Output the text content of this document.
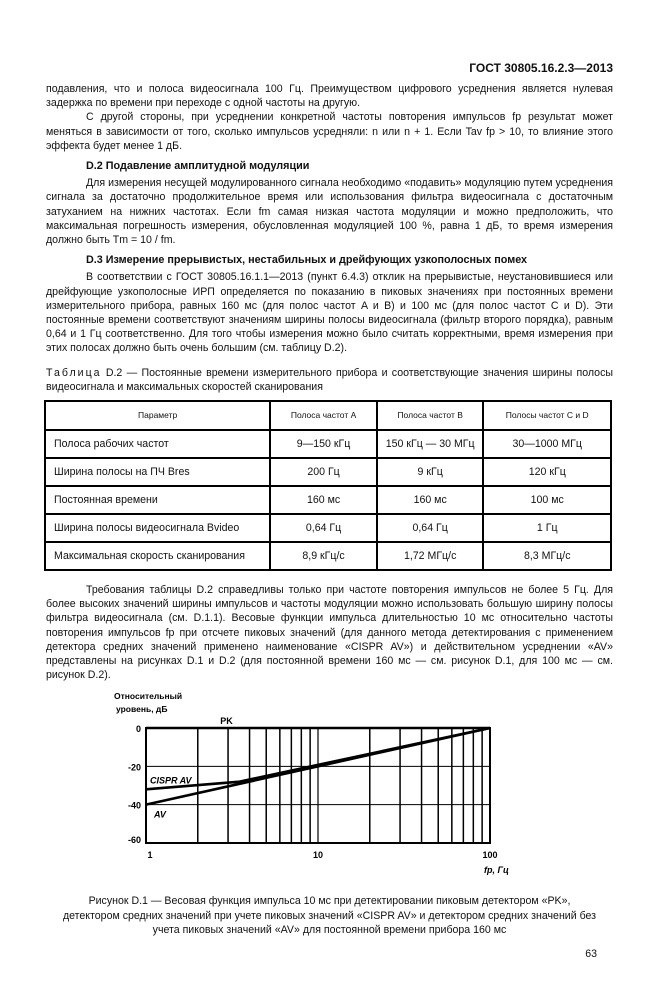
ГОСТ 30805.16.2.3—2013

подавления, что и полоса видеосигнала 100 Гц. Преимуществом цифрового усреднения является нулевая задержка по времени при переходе с одной частоты на другую.

С другой стороны, при усреднении конкретной частоты повторения импульсов fp результат может меняться в зависимости от того, сколько импульсов усредняли: n или n + 1. Если Tav fp > 10, то влияние этого эффекта будет менее 1 дБ.

D.2 Подавление амплитудной модуляции

Для измерения несущей модулированного сигнала необходимо «подавить» модуляцию путем усреднения сигнала за достаточно продолжительное время или использования фильтра видеосигнала с достаточным затуханием на нижних частотах. Если fm самая низкая частота модуляции и можно предположить, что максимальная погрешность измерения, обусловленная модуляцией 100 %, равна 1 дБ, то время измерения должно быть Tm = 10 / fm.

D.3 Измерение прерывистых, нестабильных и дрейфующих узкополосных помех

В соответствии с ГОСТ 30805.16.1.1—2013 (пункт 6.4.3) отклик на прерывистые, неустановившиеся или дрейфующие узкополосные ИРП определяется по показанию в пиковых значениях при постоянных времени измерительного прибора, равных 160 мс (для полос частот A и B) и 100 мс (для полос частот C и D). Эти постоянные времени соответствуют значениям ширины полосы видеосигнала (фильтр второго порядка), равным 0,64 и 1 Гц соответственно. Для того чтобы измерения можно было считать корректными, время измерения при этих полосах должно быть очень большим (см. таблицу D.2).

Таблица D.2 — Постоянные времени измерительного прибора и соответствующие значения ширины полосы видеосигнала и максимальных скоростей сканирования

Параметр	Полоса частот A	Полоса частот B	Полосы частот C и D
Полоса рабочих частот	9—150 кГц	150 кГц — 30 МГц	30—1000 МГц
Ширина полосы на ПЧ Bres	200 Гц	9 кГц	120 кГц
Постоянная времени	160 мс	160 мс	100 мс
Ширина полосы видеосигнала Bvideo	0,64 Гц	0,64 Гц	1 Гц
Максимальная скорость сканирования	8,9 кГц/с	1,72 МГц/с	8,3 МГц/с

Требования таблицы D.2 справедливы только при частоте повторения импульсов не более 5 Гц. Для более высоких значений ширины импульсов и частоты модуляции можно использовать большую ширину полосы фильтра видеосигнала (см. D.1.1). Весовые функции импульса длительностью 10 мс относительно частоты повторения импульсов fp при отсчете пиковых значений (для данного метода детектирования с применением детектора средних значений применено наименование «CISPR AV») и действительном усреднении «AV» представлены на рисунках D.1 и D.2 (для постоянной времени 160 мс — см. рисунок D.1, для 100 мс — см. рисунок D.2).

0
-20
-40
-60
1	10	100
Относительный
уровень, дБ
fp, Гц
PK
CISPR AV
AV
Рисунок D.1 — Весовая функция импульса 10 мс при детектировании пиковым детектором «PK», детектором средних значений при учете пиковых значений «CISPR AV» и детектором средних значений без учета пиковых значений «AV» для постоянной времени прибора 160 мс
63
